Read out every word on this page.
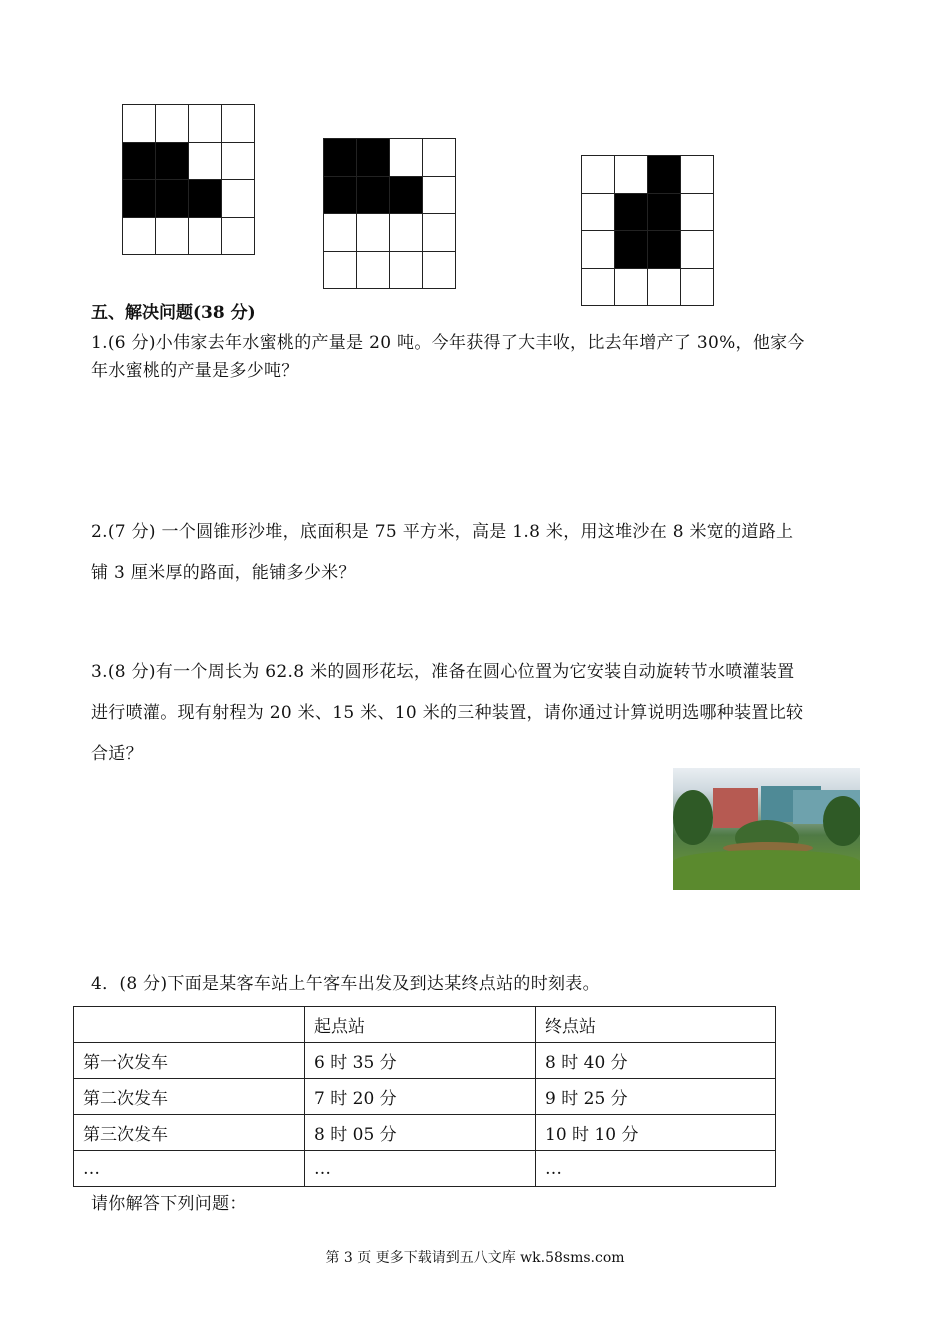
五、解决问题(38 分)
1.(6 分)小伟家去年水蜜桃的产量是 20 吨。今年获得了大丰收，比去年增产了 30%，他家今
年水蜜桃的产量是多少吨？
2.(7 分) 一个圆锥形沙堆，底面积是 75 平方米，高是 1.8 米，用这堆沙在 8 米宽的道路上
铺 3 厘米厚的路面，能铺多少米？
3.(8 分)有一个周长为 62.8 米的圆形花坛，准备在圆心位置为它安装自动旋转节水喷灌装置
进行喷灌。现有射程为 20 米、15 米、10 米的三种装置，请你通过计算说明选哪种装置比较
合适？
4．(8 分)下面是某客车站上午客车出发及到达某终点站的时刻表。
	起点站	终点站
第一次发车	6 时 35 分	8 时 40 分
第二次发车	7 时 20 分	9 时 25 分
第三次发车	8 时 05 分	10 时 10 分
…	…	…
请你解答下列问题：
第 3 页 更多下载请到五八文库 wk.58sms.com
